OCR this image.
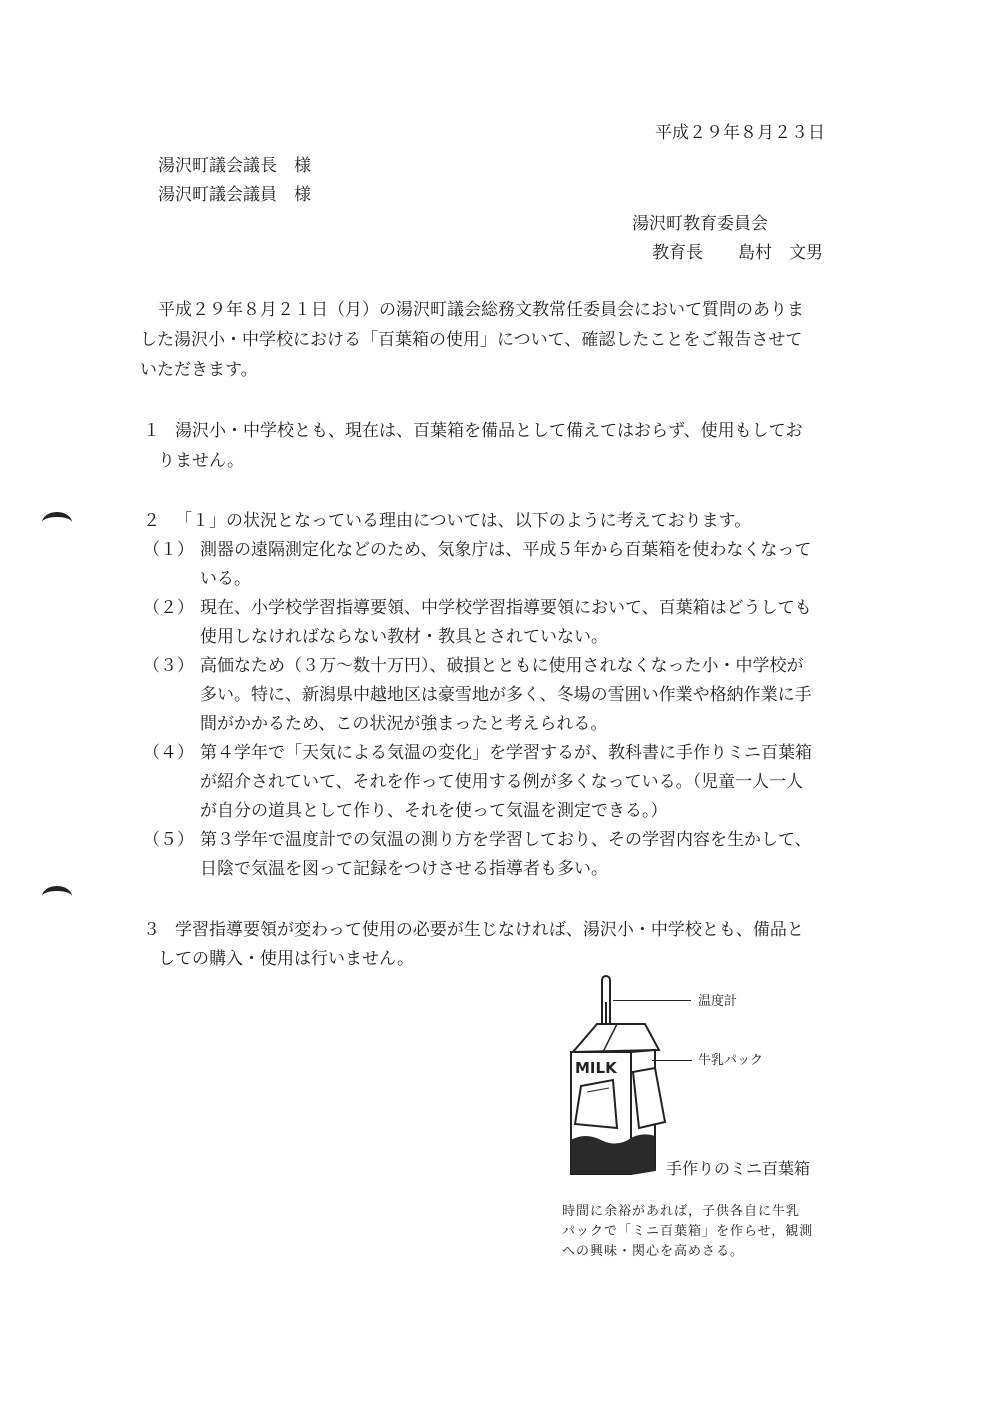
平成２９年８月２３日
湯沢町議会議長　様
湯沢町議会議員　様
湯沢町教育委員会
教育長 島村　文男
平成２９年８月２１日（月）の湯沢町議会総務文教常任委員会において質問のありま
した湯沢小・中学校における「百葉箱の使用」について、確認したことをご報告させて
いただきます。
１ 湯沢小・中学校とも、現在は、百葉箱を備品として備えてはおらず、使用もしてお
りません。
２ 「１」の状況となっている理由については、以下のように考えております。
（１） 測器の遠隔測定化などのため、気象庁は、平成５年から百葉箱を使わなくなって
いる。
（２） 現在、小学校学習指導要領、中学校学習指導要領において、百葉箱はどうしても
使用しなければならない教材・教具とされていない。
（３） 高価なため（３万～数十万円）、破損とともに使用されなくなった小・中学校が
多い。特に、新潟県中越地区は豪雪地が多く、冬場の雪囲い作業や格納作業に手
間がかかるため、この状況が強まったと考えられる。
（４） 第４学年で「天気による気温の変化」を学習するが、教科書に手作りミニ百葉箱
が紹介されていて、それを作って使用する例が多くなっている。（児童一人一人
が自分の道具として作り、それを使って気温を測定できる。）
（５） 第３学年で温度計での気温の測り方を学習しており、その学習内容を生かして、
日陰で気温を図って記録をつけさせる指導者も多い。
３ 学習指導要領が変わって使用の必要が生じなければ、湯沢小・中学校とも、備品と
しての購入・使用は行いません。
MILK
温度計
牛乳パック
手作りのミニ百葉箱
時間に余裕があれば，子供各自に牛乳
パックで「ミニ百葉箱」を作らせ，観測
への興味・関心を高めさる。
